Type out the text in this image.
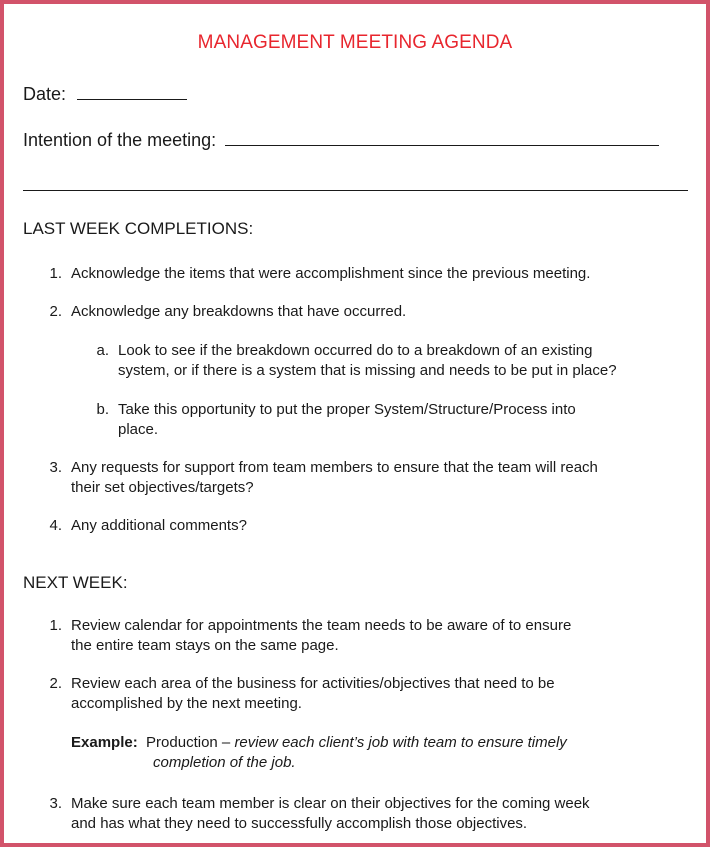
MANAGEMENT MEETING AGENDA
Date:
Intention of the meeting:
LAST WEEK COMPLETIONS:
1. Acknowledge the items that were accomplishment since the previous meeting.
2. Acknowledge any breakdowns that have occurred.
a. Look to see if the breakdown occurred do to a breakdown of an existing
system, or if there is a system that is missing and needs to be put in place?
b. Take this opportunity to put the proper System/Structure/Process into
place.
3. Any requests for support from team members to ensure that the team will reach
their set objectives/targets?
4. Any additional comments?
NEXT WEEK:
1. Review calendar for appointments the team needs to be aware of to ensure
the entire team stays on the same page.
2. Review each area of the business for activities/objectives that need to be
accomplished by the next meeting.
Example: Production – review each client’s job with team to ensure timely
completion of the job.
3. Make sure each team member is clear on their objectives for the coming week
and has what they need to successfully accomplish those objectives.
